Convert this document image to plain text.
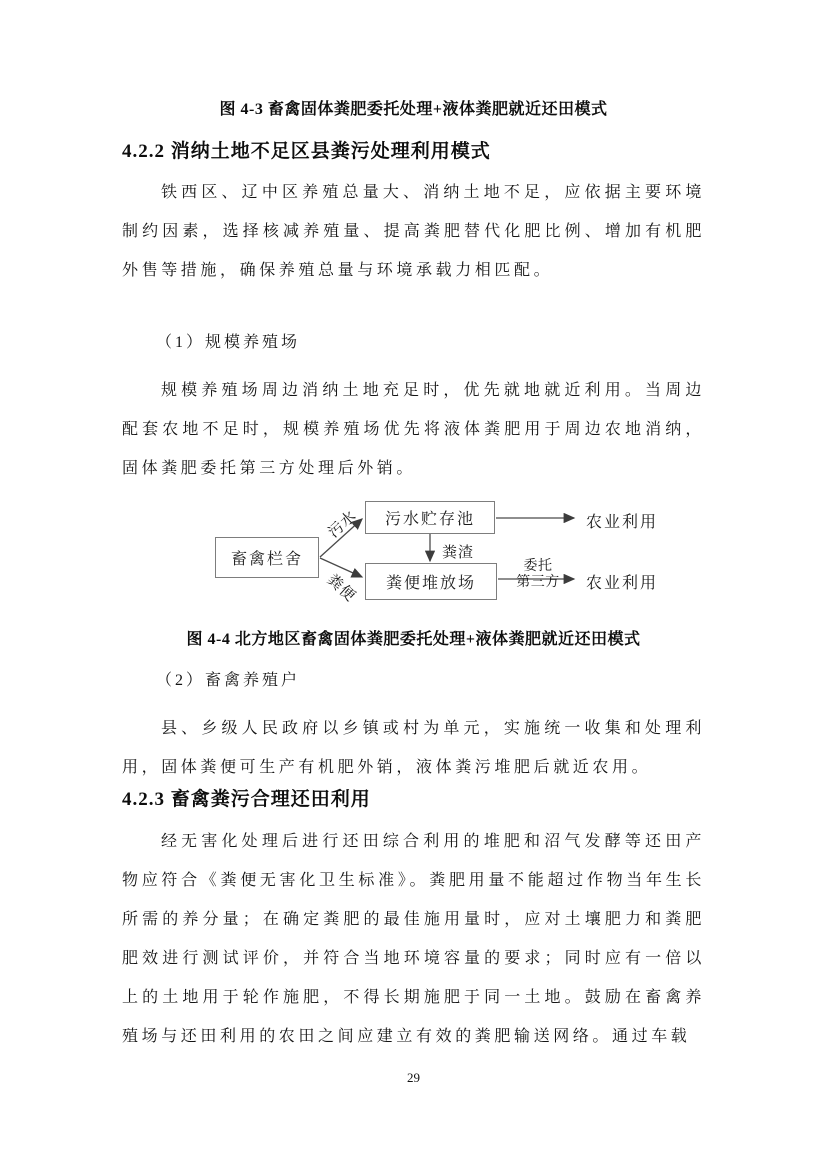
图 4-3 畜禽固体粪肥委托处理+液体粪肥就近还田模式
4.2.2 消纳土地不足区县粪污处理利用模式
铁西区、辽中区养殖总量大、消纳土地不足，应依据主要环境制约因素，选择核减养殖量、提高粪肥替代化肥比例、增加有机肥外售等措施，确保养殖总量与环境承载力相匹配。
（1）规模养殖场
规模养殖场周边消纳土地充足时，优先就地就近利用。当周边配套农地不足时，规模养殖场优先将液体粪肥用于周边农地消纳，固体粪肥委托第三方处理后外销。
畜禽栏舍
污水贮存池
粪便堆放场
污水
粪便
粪渣
委托
第三方
农业利用
农业利用
图 4-4 北方地区畜禽固体粪肥委托处理+液体粪肥就近还田模式
（2）畜禽养殖户
县、乡级人民政府以乡镇或村为单元，实施统一收集和处理利用，固体粪便可生产有机肥外销，液体粪污堆肥后就近农用。
4.2.3 畜禽粪污合理还田利用
经无害化处理后进行还田综合利用的堆肥和沼气发酵等还田产物应符合《粪便无害化卫生标准》。粪肥用量不能超过作物当年生长所需的养分量；在确定粪肥的最佳施用量时，应对土壤肥力和粪肥肥效进行测试评价，并符合当地环境容量的要求；同时应有一倍以上的土地用于轮作施肥，不得长期施肥于同一土地。鼓励在畜禽养殖场与还田利用的农田之间应建立有效的粪肥输送网络。通过车载
29
